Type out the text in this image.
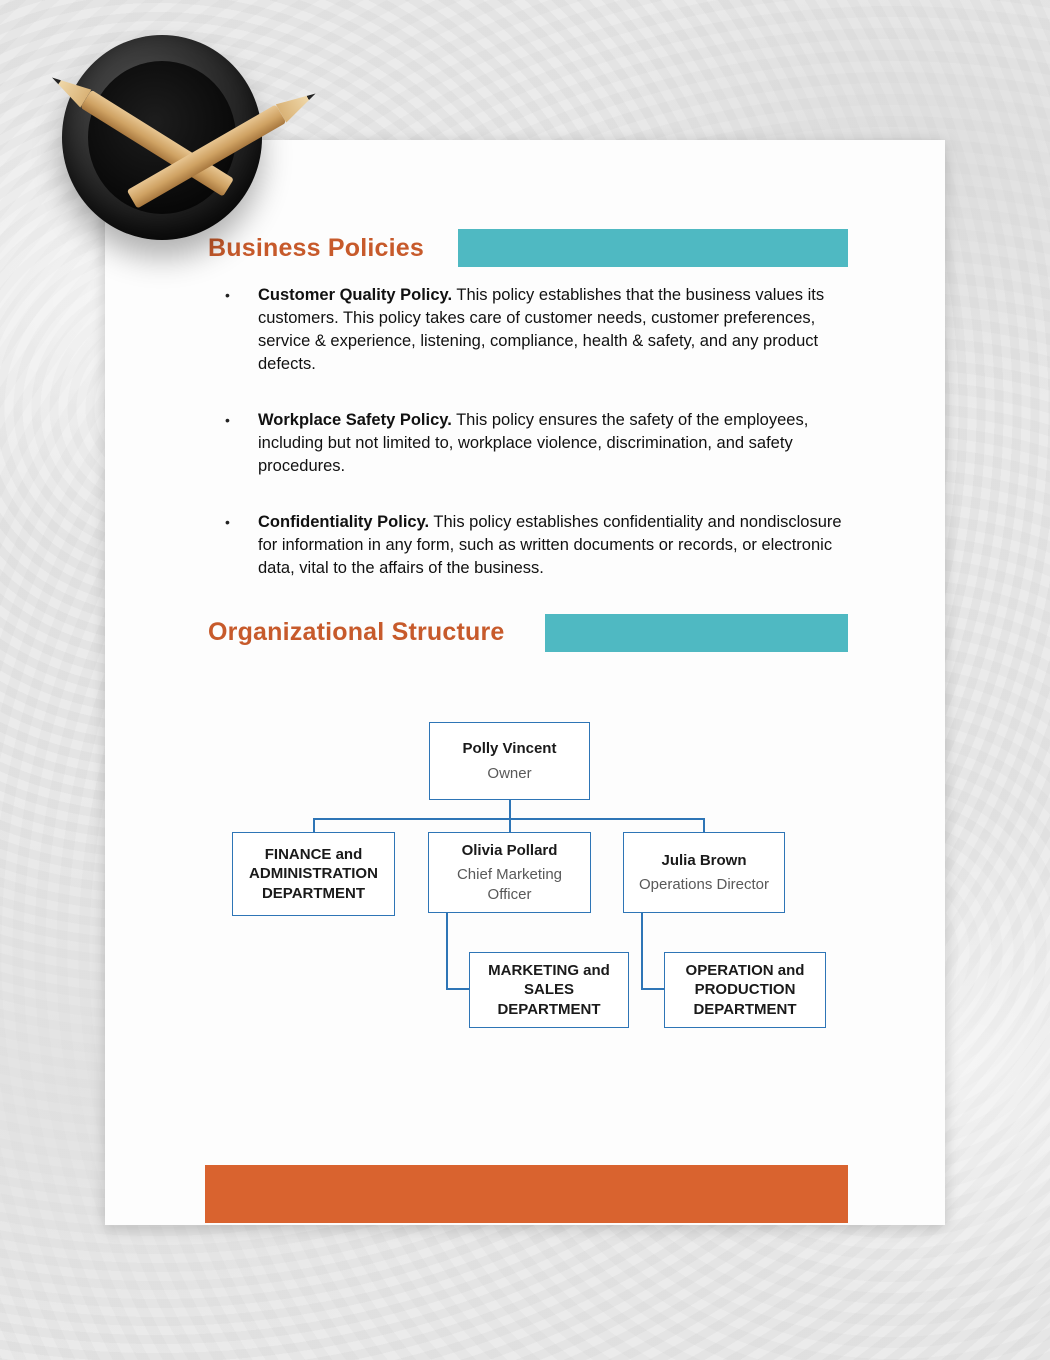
Business Policies
•	Customer Quality Policy. This policy establishes that the business values its customers. This policy takes care of customer needs, customer preferences, service & experience, listening, compliance, health & safety, and any product defects.
•	Workplace Safety Policy. This policy ensures the safety of the employees, including but not limited to, workplace violence, discrimination, and safety procedures.
•	Confidentiality Policy. This policy establishes confidentiality and nondisclosure for information in any form, such as written documents or records, or electronic data, vital to the affairs of the business.
Organizational Structure
Polly Vincent
Owner
FINANCE and ADMINISTRATION DEPARTMENT
Olivia Pollard
Chief Marketing Officer
Julia Brown
Operations Director
MARKETING and SALES DEPARTMENT
OPERATION and PRODUCTION DEPARTMENT
